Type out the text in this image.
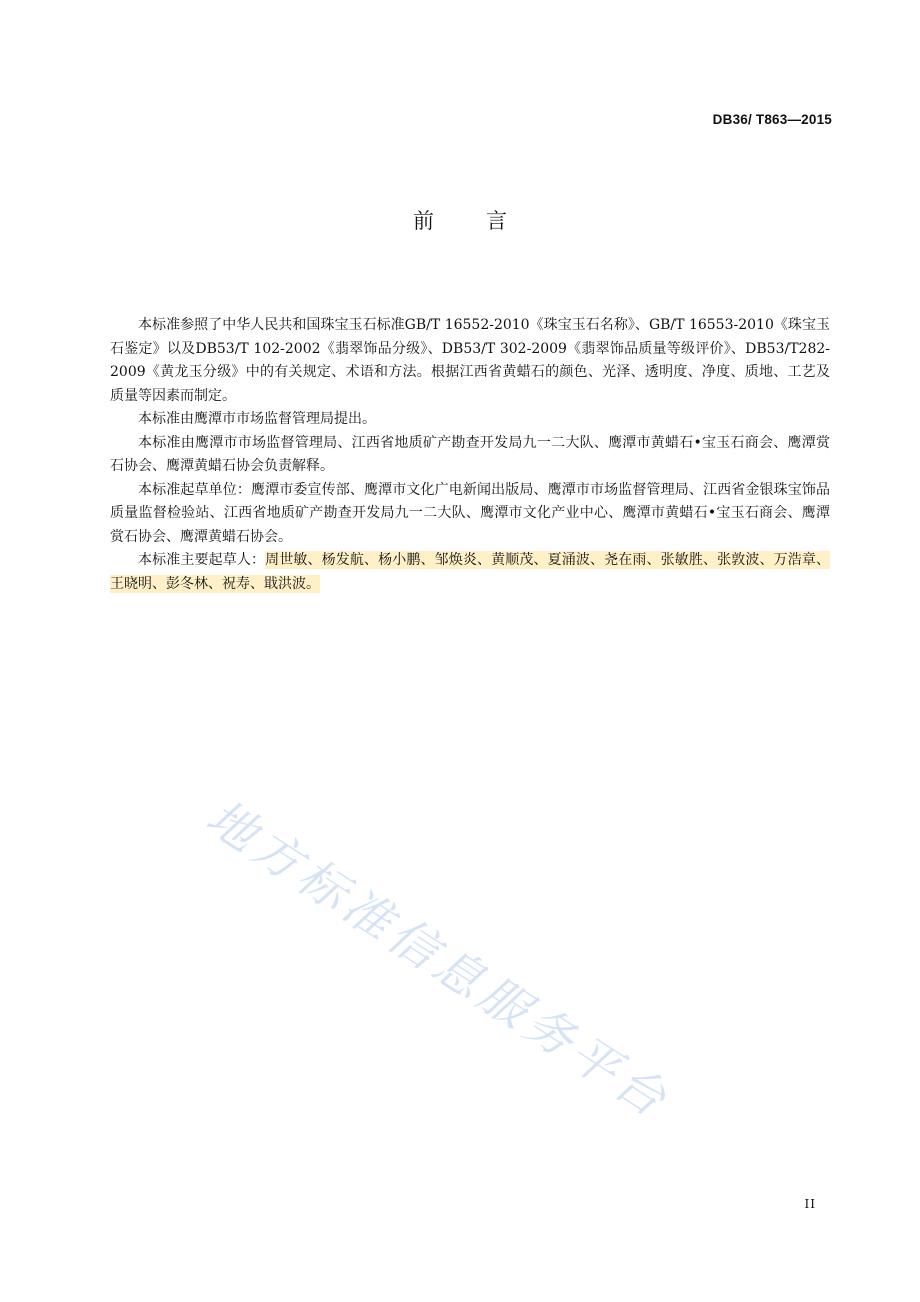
DB36/ T863—2015
前言

本标准参照了中华人民共和国珠宝玉石标准GB/T 16552-2010《珠宝玉石名称》、GB/T 16553-2010《珠宝玉石鉴定》以及DB53/T 102-2002《翡翠饰品分级》、DB53/T 302-2009《翡翠饰品质量等级评价》、DB53/T282-2009《黄龙玉分级》中的有关规定、术语和方法。根据江西省黄蜡石的颜色、光泽、透明度、净度、质地、工艺及质量等因素而制定。

本标准由鹰潭市市场监督管理局提出。

本标准由鹰潭市市场监督管理局、江西省地质矿产勘查开发局九一二大队、鹰潭市黄蜡石•宝玉石商会、鹰潭赏石协会、鹰潭黄蜡石协会负责解释。

本标准起草单位：鹰潭市委宣传部、鹰潭市文化广电新闻出版局、鹰潭市市场监督管理局、江西省金银珠宝饰品质量监督检验站、江西省地质矿产勘查开发局九一二大队、鹰潭市文化产业中心、鹰潭市黄蜡石•宝玉石商会、鹰潭赏石协会、鹰潭黄蜡石协会。

本标准主要起草人：周世敏、杨发航、杨小鹏、邹焕炎、黄顺茂、夏涌波、尧在雨、张敏胜、张敦波、万浩章、王晓明、彭冬林、祝寿、戢洪波。

地方标准信息服务平台
II
